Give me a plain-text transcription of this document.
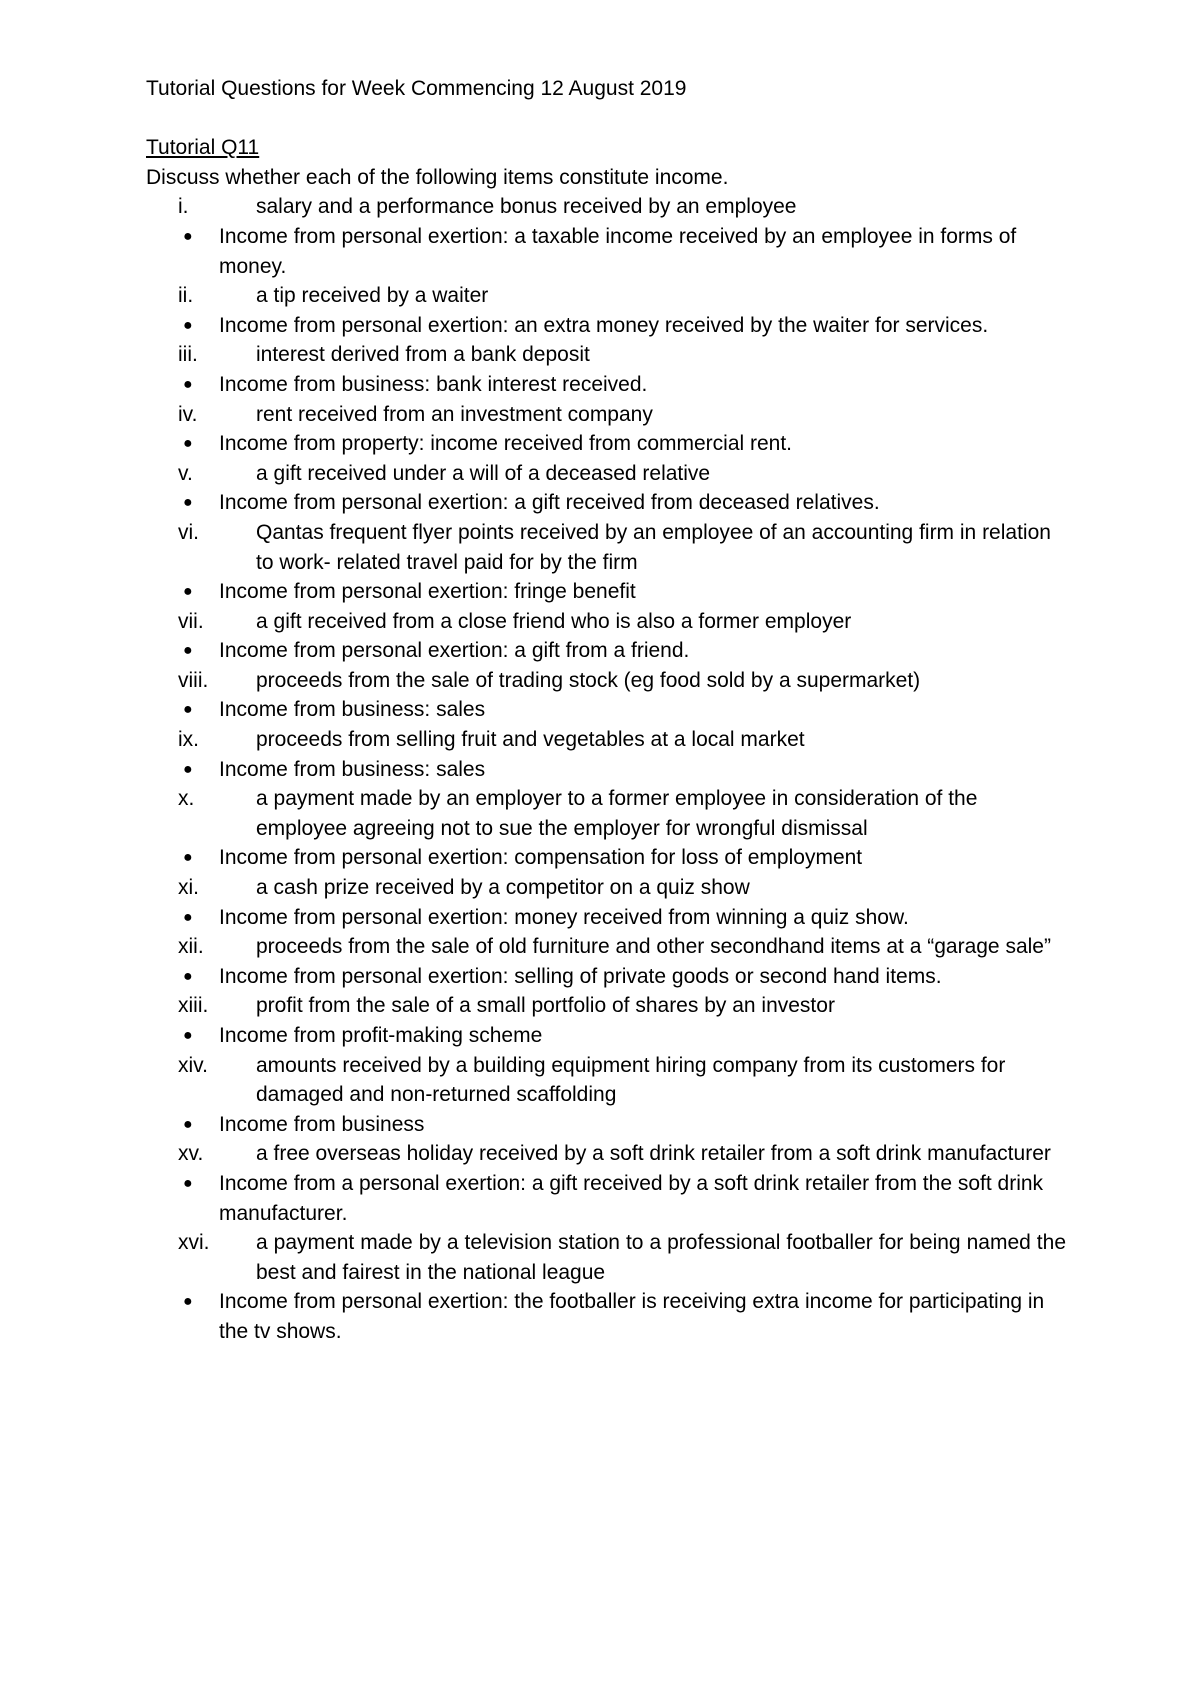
Tutorial Questions for Week Commencing 12 August 2019

Tutorial Q11

Discuss whether each of the following items constitute income.

i.	salary and a performance bonus received by an employee
● Income from personal exertion: a taxable income received by an employee in forms of money.
ii.	a tip received by a waiter
● Income from personal exertion: an extra money received by the waiter for services.
iii.	interest derived from a bank deposit
● Income from business: bank interest received.
iv.	rent received from an investment company
● Income from property: income received from commercial rent.
v.	a gift received under a will of a deceased relative
● Income from personal exertion: a gift received from deceased relatives.
vi.	Qantas frequent flyer points received by an employee of an accounting firm in relation to work- related travel paid for by the firm
● Income from personal exertion: fringe benefit
vii. a gift received from a close friend who is also a former employer
● Income from personal exertion: a gift from a friend.
viii. proceeds from the sale of trading stock (eg food sold by a supermarket)
● Income from business: sales
ix.	proceeds from selling fruit and vegetables at a local market
● Income from business: sales
x.	a payment made by an employer to a former employee in consideration of the employee agreeing not to sue the employer for wrongful dismissal
● Income from personal exertion: compensation for loss of employment
xi.	a cash prize received by a competitor on a quiz show
● Income from personal exertion: money received from winning a quiz show.
xii. proceeds from the sale of old furniture and other secondhand items at a “garage sale”
● Income from personal exertion: selling of private goods or second hand items.
xiii. profit from the sale of a small portfolio of shares by an investor
● Income from profit-making scheme
xiv. amounts received by a building equipment hiring company from its customers for damaged and non-returned scaffolding
● Income from business
xv.	a free overseas holiday received by a soft drink retailer from a soft drink manufacturer
● Income from a personal exertion: a gift received by a soft drink retailer from the soft drink manufacturer.
xvi. a payment made by a television station to a professional footballer for being named the best and fairest in the national league
● Income from personal exertion: the footballer is receiving extra income for participating in the tv shows.
